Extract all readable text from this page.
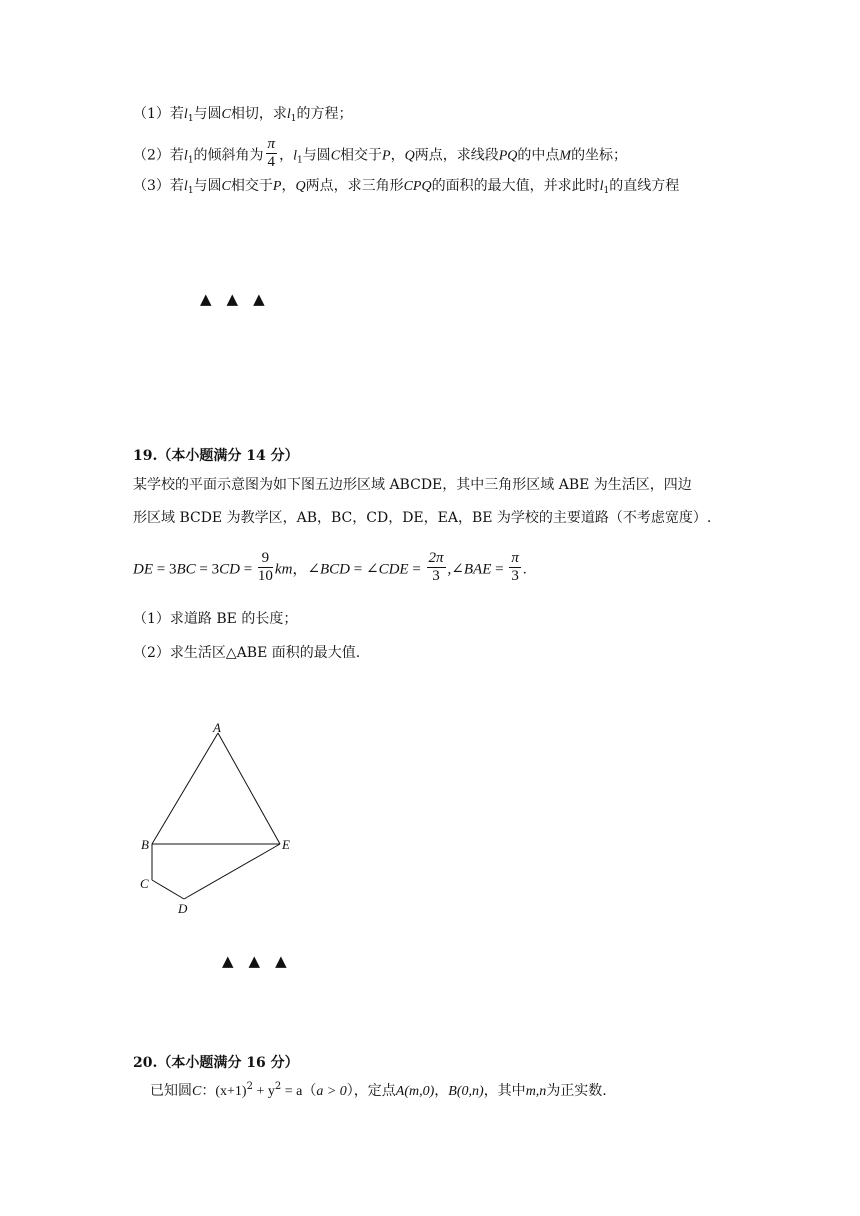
（1）若$l_1$与圆C相切，求$l_1$的方程；
（2）若$l_1$的倾斜角为 $\frac{\pi}{4}$ ，$l_1$与圆C相交于P，Q两点，求线段PQ的中点M的坐标；
（3）若$l_1$与圆C相交于P，Q两点，求三角形CPQ的面积的最大值，并求此时$l_1$的直线方程
▲　▲　▲
19.（本小题满分 14 分）
某学校的平面示意图为如下图五边形区域 ABCDE，其中三角形区域 ABE 为生活区，四边
形区域 BCDE 为教学区，AB，BC，CD，DE，EA，BE 为学校的主要道路（不考虑宽度）.
DE = $3BC = 3CD = \frac{9}{10}$ km，∠BCD = ∠CDE = $\frac{2\pi}{3}$ ,∠BAE = $\frac{\pi}{3}$ .
（1）求道路 BE 的长度；
（2）求生活区△ABE 面积的最大值.
A
B
C
D
E
▲　▲　▲
20.（本小题满分 16 分）
已知圆C：$(x+1)^2 + y^2 = a(a > 0)$，定点A(m,0)，B(0,n)，其中m,n为正实数.
